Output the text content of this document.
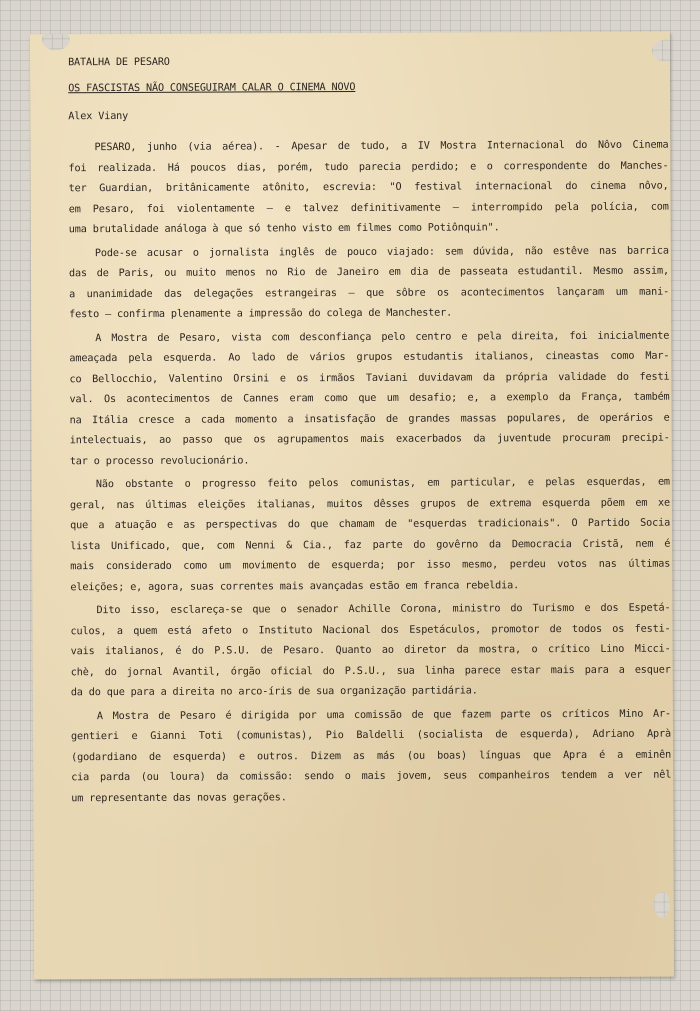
BATALHA DE PESARO

OS FASCISTAS NÃO CONSEGUIRAM CALAR O CINEMA NOVO

Alex Viany

PESARO, junho (via aérea). - Apesar de tudo, a IV Mostra Internacional do Nôvo Cinema
foi realizada. Há poucos dias, porém, tudo parecia perdido; e o correspondente do Manches-
ter Guardian, britânicamente atônito, escrevia: "O festival internacional do cinema nôvo,
em Pesaro, foi violentamente — e talvez definitivamente — interrompido pela polícia, com
uma brutalidade análoga à que só tenho visto em filmes como Potiônquin".
Pode-se acusar o jornalista inglês de pouco viajado: sem dúvida, não estêve nas barrica
das de Paris, ou muito menos no Rio de Janeiro em dia de passeata estudantil. Mesmo assim,
a unanimidade das delegações estrangeiras — que sôbre os acontecimentos lançaram um mani-
festo — confirma plenamente a impressão do colega de Manchester.
A Mostra de Pesaro, vista com desconfiança pelo centro e pela direita, foi inicialmente
ameaçada pela esquerda. Ao lado de vários grupos estudantis italianos, cineastas como Mar-
co Bellocchio, Valentino Orsini e os irmãos Taviani duvidavam da própria validade do festi
val. Os acontecimentos de Cannes eram como que um desafio; e, a exemplo da França, também
na Itália cresce a cada momento a insatisfação de grandes massas populares, de operários e
intelectuais, ao passo que os agrupamentos mais exacerbados da juventude procuram precipi-
tar o processo revolucionário.
Não obstante o progresso feito pelos comunistas, em particular, e pelas esquerdas, em
geral, nas últimas eleições italianas, muitos dêsses grupos de extrema esquerda põem em xe
que a atuação e as perspectivas do que chamam de "esquerdas tradicionais". O Partido Socia
lista Unificado, que, com Nenni & Cia., faz parte do govêrno da Democracia Cristã, nem é
mais considerado como um movimento de esquerda; por isso mesmo, perdeu votos nas últimas
eleições; e, agora, suas correntes mais avançadas estão em franca rebeldia.
Dito isso, esclareça-se que o senador Achille Corona, ministro do Turismo e dos Espetá-
culos, a quem está afeto o Instituto Nacional dos Espetáculos, promotor de todos os festi-
vais italianos, é do P.S.U. de Pesaro. Quanto ao diretor da mostra, o crítico Lino Micci-
chè, do jornal Avantil, órgão oficial do P.S.U., sua linha parece estar mais para a esquer
da do que para a direita no arco-íris de sua organização partidária.
A Mostra de Pesaro é dirigida por uma comissão de que fazem parte os críticos Mino Ar-
gentieri e Gianni Toti (comunistas), Pio Baldelli (socialista de esquerda), Adriano Aprà
(godardiano de esquerda) e outros. Dizem as más (ou boas) línguas que Apra é a eminên
cia parda (ou loura) da comissão: sendo o mais jovem, seus companheiros tendem a ver nêl
um representante das novas gerações.
